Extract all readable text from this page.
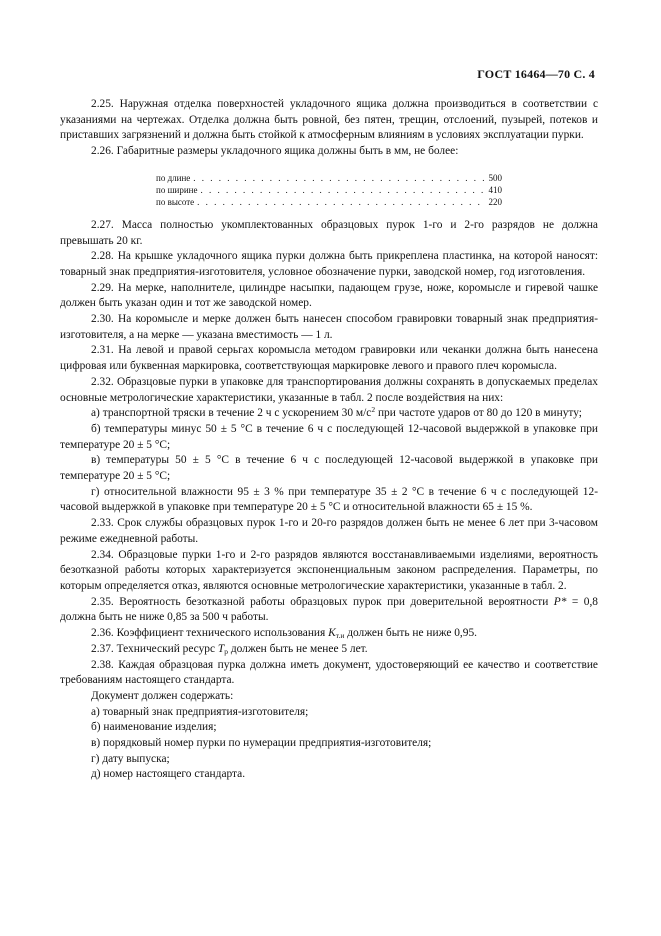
ГОСТ 16464—70 С. 4

2.25. Наружная отделка поверхностей укладочного ящика должна производиться в соответствии с указаниями на чертежах. Отделка должна быть ровной, без пятен, трещин, отслоений, пузырей, потеков и приставших загрязнений и должна быть стойкой к атмосферным влияниям в условиях эксплуатации пурки.

2.26. Габаритные размеры укладочного ящика должны быть в мм, не более:

по длине . . .	500
по ширине . . .	410
по высоте . . .	220

2.27. Масса полностью укомплектованных образцовых пурок 1-го и 2-го разрядов не должна превышать 20 кг.

2.28. На крышке укладочного ящика пурки должна быть прикреплена пластинка, на которой наносят: товарный знак предприятия-изготовителя, условное обозначение пурки, заводской номер, год изготовления.

2.29. На мерке, наполнителе, цилиндре насыпки, падающем грузе, ноже, коромысле и гиревой чашке должен быть указан один и тот же заводской номер.

2.30. На коромысле и мерке должен быть нанесен способом гравировки товарный знак предприятия-изготовителя, а на мерке — указана вместимость — 1 л.

2.31. На левой и правой серьгах коромысла методом гравировки или чеканки должна быть нанесена цифровая или буквенная маркировка, соответствующая маркировке левого и правого плеч коромысла.

2.32. Образцовые пурки в упаковке для транспортирования должны сохранять в допускаемых пределах основные метрологические характеристики, указанные в табл. 2 после воздействия на них:

а) транспортной тряски в течение 2 ч с ускорением 30 $м/с^2$ при частоте ударов от 80 до 120 в минуту;

б) температуры минус 50 ± 5 °С в течение 6 ч с последующей 12-часовой выдержкой в упаковке при температуре 20 ± 5 °С;

в) температуры 50 ± 5 °С в течение 6 ч с последующей 12-часовой выдержкой в упаковке при температуре 20 ± 5 °С;

г) относительной влажности 95 ± 3 % при температуре 35 ± 2 °С в течение 6 ч с последующей 12-часовой выдержкой в упаковке при температуре 20 ± 5 °С и относительной влажности 65 ± 15 %.

2.33. Срок службы образцовых пурок 1-го и 20-го разрядов должен быть не менее 6 лет при 3-часовом режиме ежедневной работы.

2.34. Образцовые пурки 1-го и 2-го разрядов являются восстанавливаемыми изделиями, вероятность безотказной работы которых характеризуется экспоненциальным законом распределения. Параметры, по которым определяется отказ, являются основные метрологические характеристики, указанные в табл. 2.

2.35. Вероятность безотказной работы образцовых пурок при доверительной вероятности P* = 0,8 должна быть не ниже 0,85 за 500 ч работы.

2.36. Коэффициент технического использования $K_{т.и}$ должен быть не ниже 0,95.

2.37. Технический ресурс $T_р$ должен быть не менее 5 лет.

2.38. Каждая образцовая пурка должна иметь документ, удостоверяющий ее качество и соответствие требованиям настоящего стандарта.

Документ должен содержать:

а) товарный знак предприятия-изготовителя;

б) наименование изделия;

в) порядковый номер пурки по нумерации предприятия-изготовителя;

г) дату выпуска;

д) номер настоящего стандарта.
